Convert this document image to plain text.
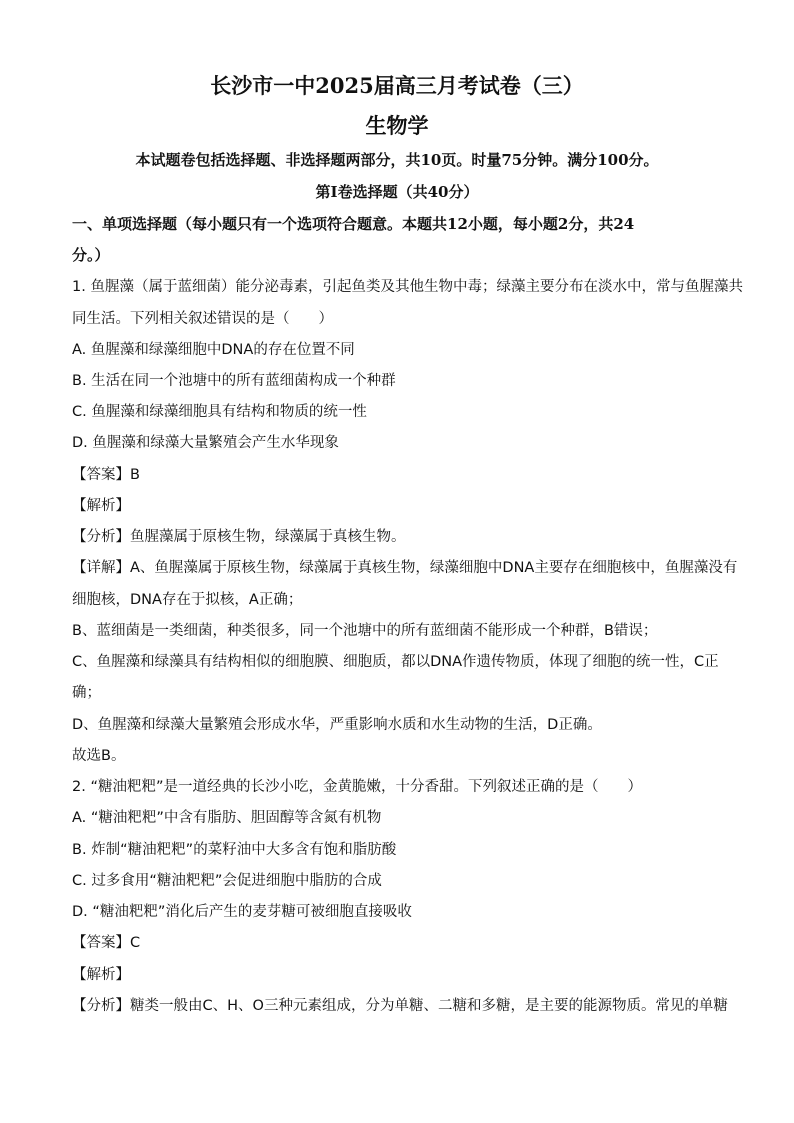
长沙市一中2025届高三月考试卷（三）
生物学
本试题卷包括选择题、非选择题两部分，共10页。时量75分钟。满分100分。
第Ⅰ卷选择题（共40分）
一、单项选择题（每小题只有一个选项符合题意。本题共12小题，每小题2分，共24
分。）
1. 鱼腥藻（属于蓝细菌）能分泌毒素，引起鱼类及其他生物中毒；绿藻主要分布在淡水中，常与鱼腥藻共
同生活。下列相关叙述错误的是（　　）
A. 鱼腥藻和绿藻细胞中DNA的存在位置不同
B. 生活在同一个池塘中的所有蓝细菌构成一个种群
C. 鱼腥藻和绿藻细胞具有结构和物质的统一性
D. 鱼腥藻和绿藻大量繁殖会产生水华现象
【答案】B
【解析】
【分析】鱼腥藻属于原核生物，绿藻属于真核生物。
【详解】A、鱼腥藻属于原核生物，绿藻属于真核生物，绿藻细胞中DNA主要存在细胞核中，鱼腥藻没有
细胞核，DNA存在于拟核，A正确；
B、蓝细菌是一类细菌，种类很多，同一个池塘中的所有蓝细菌不能形成一个种群，B错误；
C、鱼腥藻和绿藻具有结构相似的细胞膜、细胞质，都以DNA作遗传物质，体现了细胞的统一性，C正
确；
D、鱼腥藻和绿藻大量繁殖会形成水华，严重影响水质和水生动物的生活，D正确。
故选B。
2. “糖油粑粑”是一道经典的长沙小吃，金黄脆嫩，十分香甜。下列叙述正确的是（　　）
A. “糖油粑粑”中含有脂肪、胆固醇等含氮有机物
B. 炸制“糖油粑粑”的菜籽油中大多含有饱和脂肪酸
C. 过多食用“糖油粑粑”会促进细胞中脂肪的合成
D. “糖油粑粑”消化后产生的麦芽糖可被细胞直接吸收
【答案】C
【解析】
【分析】糖类一般由C、H、O三种元素组成，分为单糖、二糖和多糖，是主要的能源物质。常见的单糖
